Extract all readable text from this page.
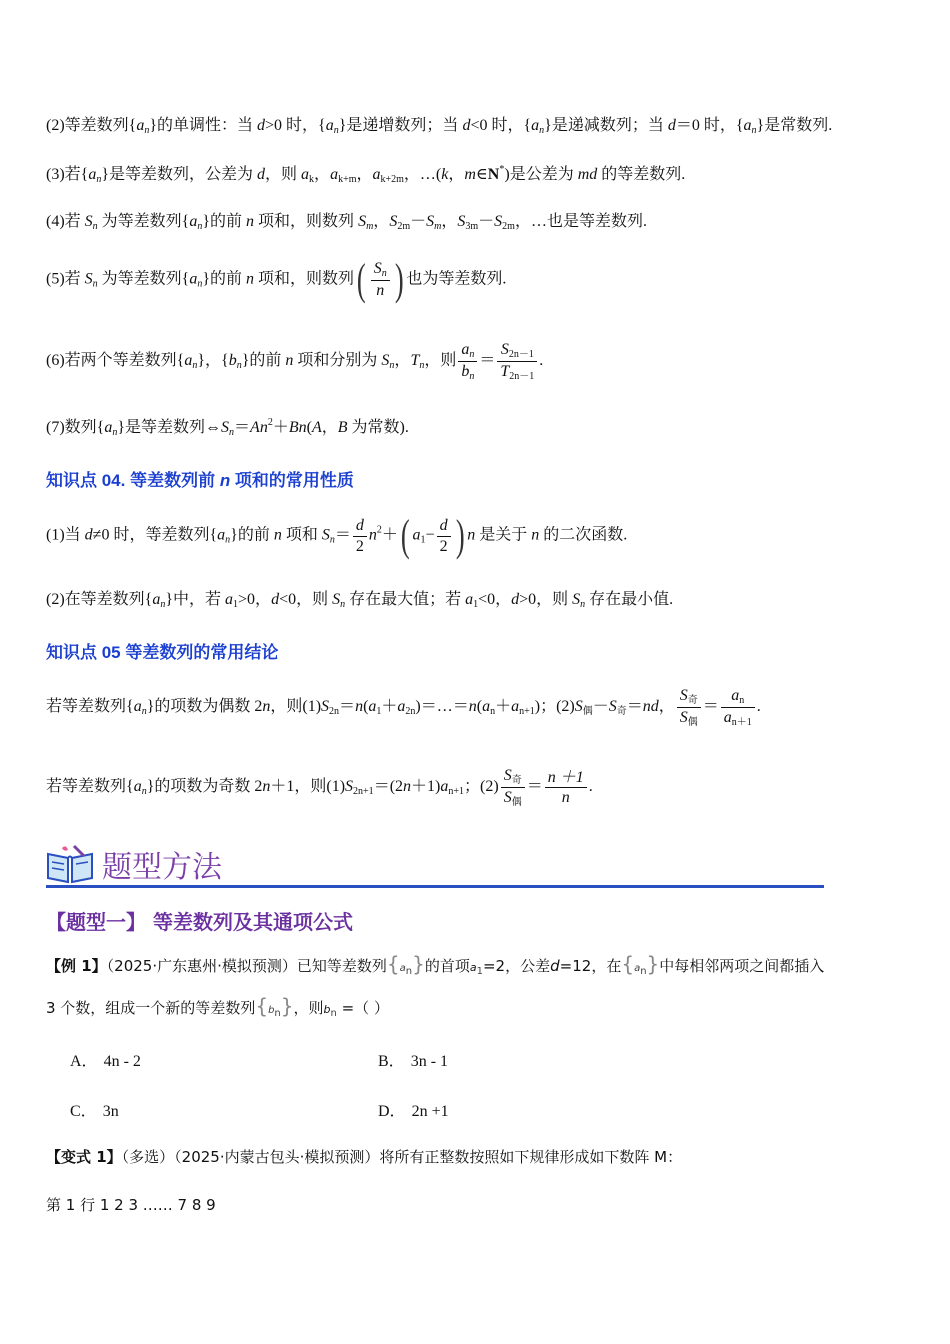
(2)等差数列$\{a_n\}$的单调性：当 d>0 时，$\{a_n\}$是递增数列；当 d<0 时，$\{a_n\}$是递减数列；当 d＝0 时，$\{a_n\}$是常数列.
(3)若$\{a_n\}$是等差数列，公差为 d，则 $a_k$，$a_{k+m}$，$a_{k+2m}$，…(k，m∈N*)是公差为 md 的等差数列.
(4)若 $S_n$ 为等差数列$\{a_n\}$的前 n 项和，则数列 $S_m$，$S_{2m}-S_m$，$S_{3m}-S_{2m}$，…也是等差数列.
(5)若 $S_n$ 为等差数列$\{a_n\}$的前 n 项和，则数列( $\frac{S_n}{n}$ ) 也为等差数列.
(6)若两个等差数列$\{a_n\}$，$\{b_n\}$的前 n 项和分别为 $S_n$，$T_n$，则 $\frac{a_n}{b_n} = \frac{S_{2n-1}}{T_{2n-1}}$ .
(7)数列$\{a_n\}$是等差数列$\Leftrightarrow S_n=An^2+Bn(A$，B 为常数).
知识点 04. 等差数列前 n 项和的常用性质
(1)当 d≠0 时，等差数列$\{a_n\}$的前 n 项和 $S_n= \frac{d}{2} n^2+$( $a_1- \frac{d}{2}$ ) n 是关于 n 的二次函数.
(2)在等差数列$\{a_n\}$中，若 $a_1>0$，d<0，则 $S_n$ 存在最大值；若 $a_1<0$，d>0，则 $S_n$ 存在最小值.
知识点 05 等差数列的常用结论
若等差数列$\{a_n\}$的项数为偶数 2n，则$(1)S_{2n}=n(a_1+a_{2n})=\dots=n(a_n+a_{n+1})$；$(2)S_偶-S_奇=nd$， $\frac{S_奇}{S_偶} = \frac{a_n}{a_{n+1}}$ .
若等差数列$\{a_n\}$的项数为奇数 2n＋1，则$(1)S_{2n+1}=(2n+1)a_{n+1}$；$(2) \frac{S_奇}{S_偶} = \frac{n +1}{n}$ .
题型方法
【题型一】 等差数列及其通项公式
【例 1】（2025·广东惠州·模拟预测）已知等差数列$\{a_n\}$的首项$a_1=2$，公差d=12，在$\{a_n\}$中每相邻两项之间都插入
3 个数，组成一个新的等差数列$\{b_n\}$，则$b_n$ =（ ）
A． 4n - 2	B． 3n - 1
C． 3n	D． 2n +1
【变式 1】（多选）（2025·内蒙古包头·模拟预测）将所有正整数按照如下规律形成如下数阵 M：
第 1 行 1 2 3 …… 7 8 9
